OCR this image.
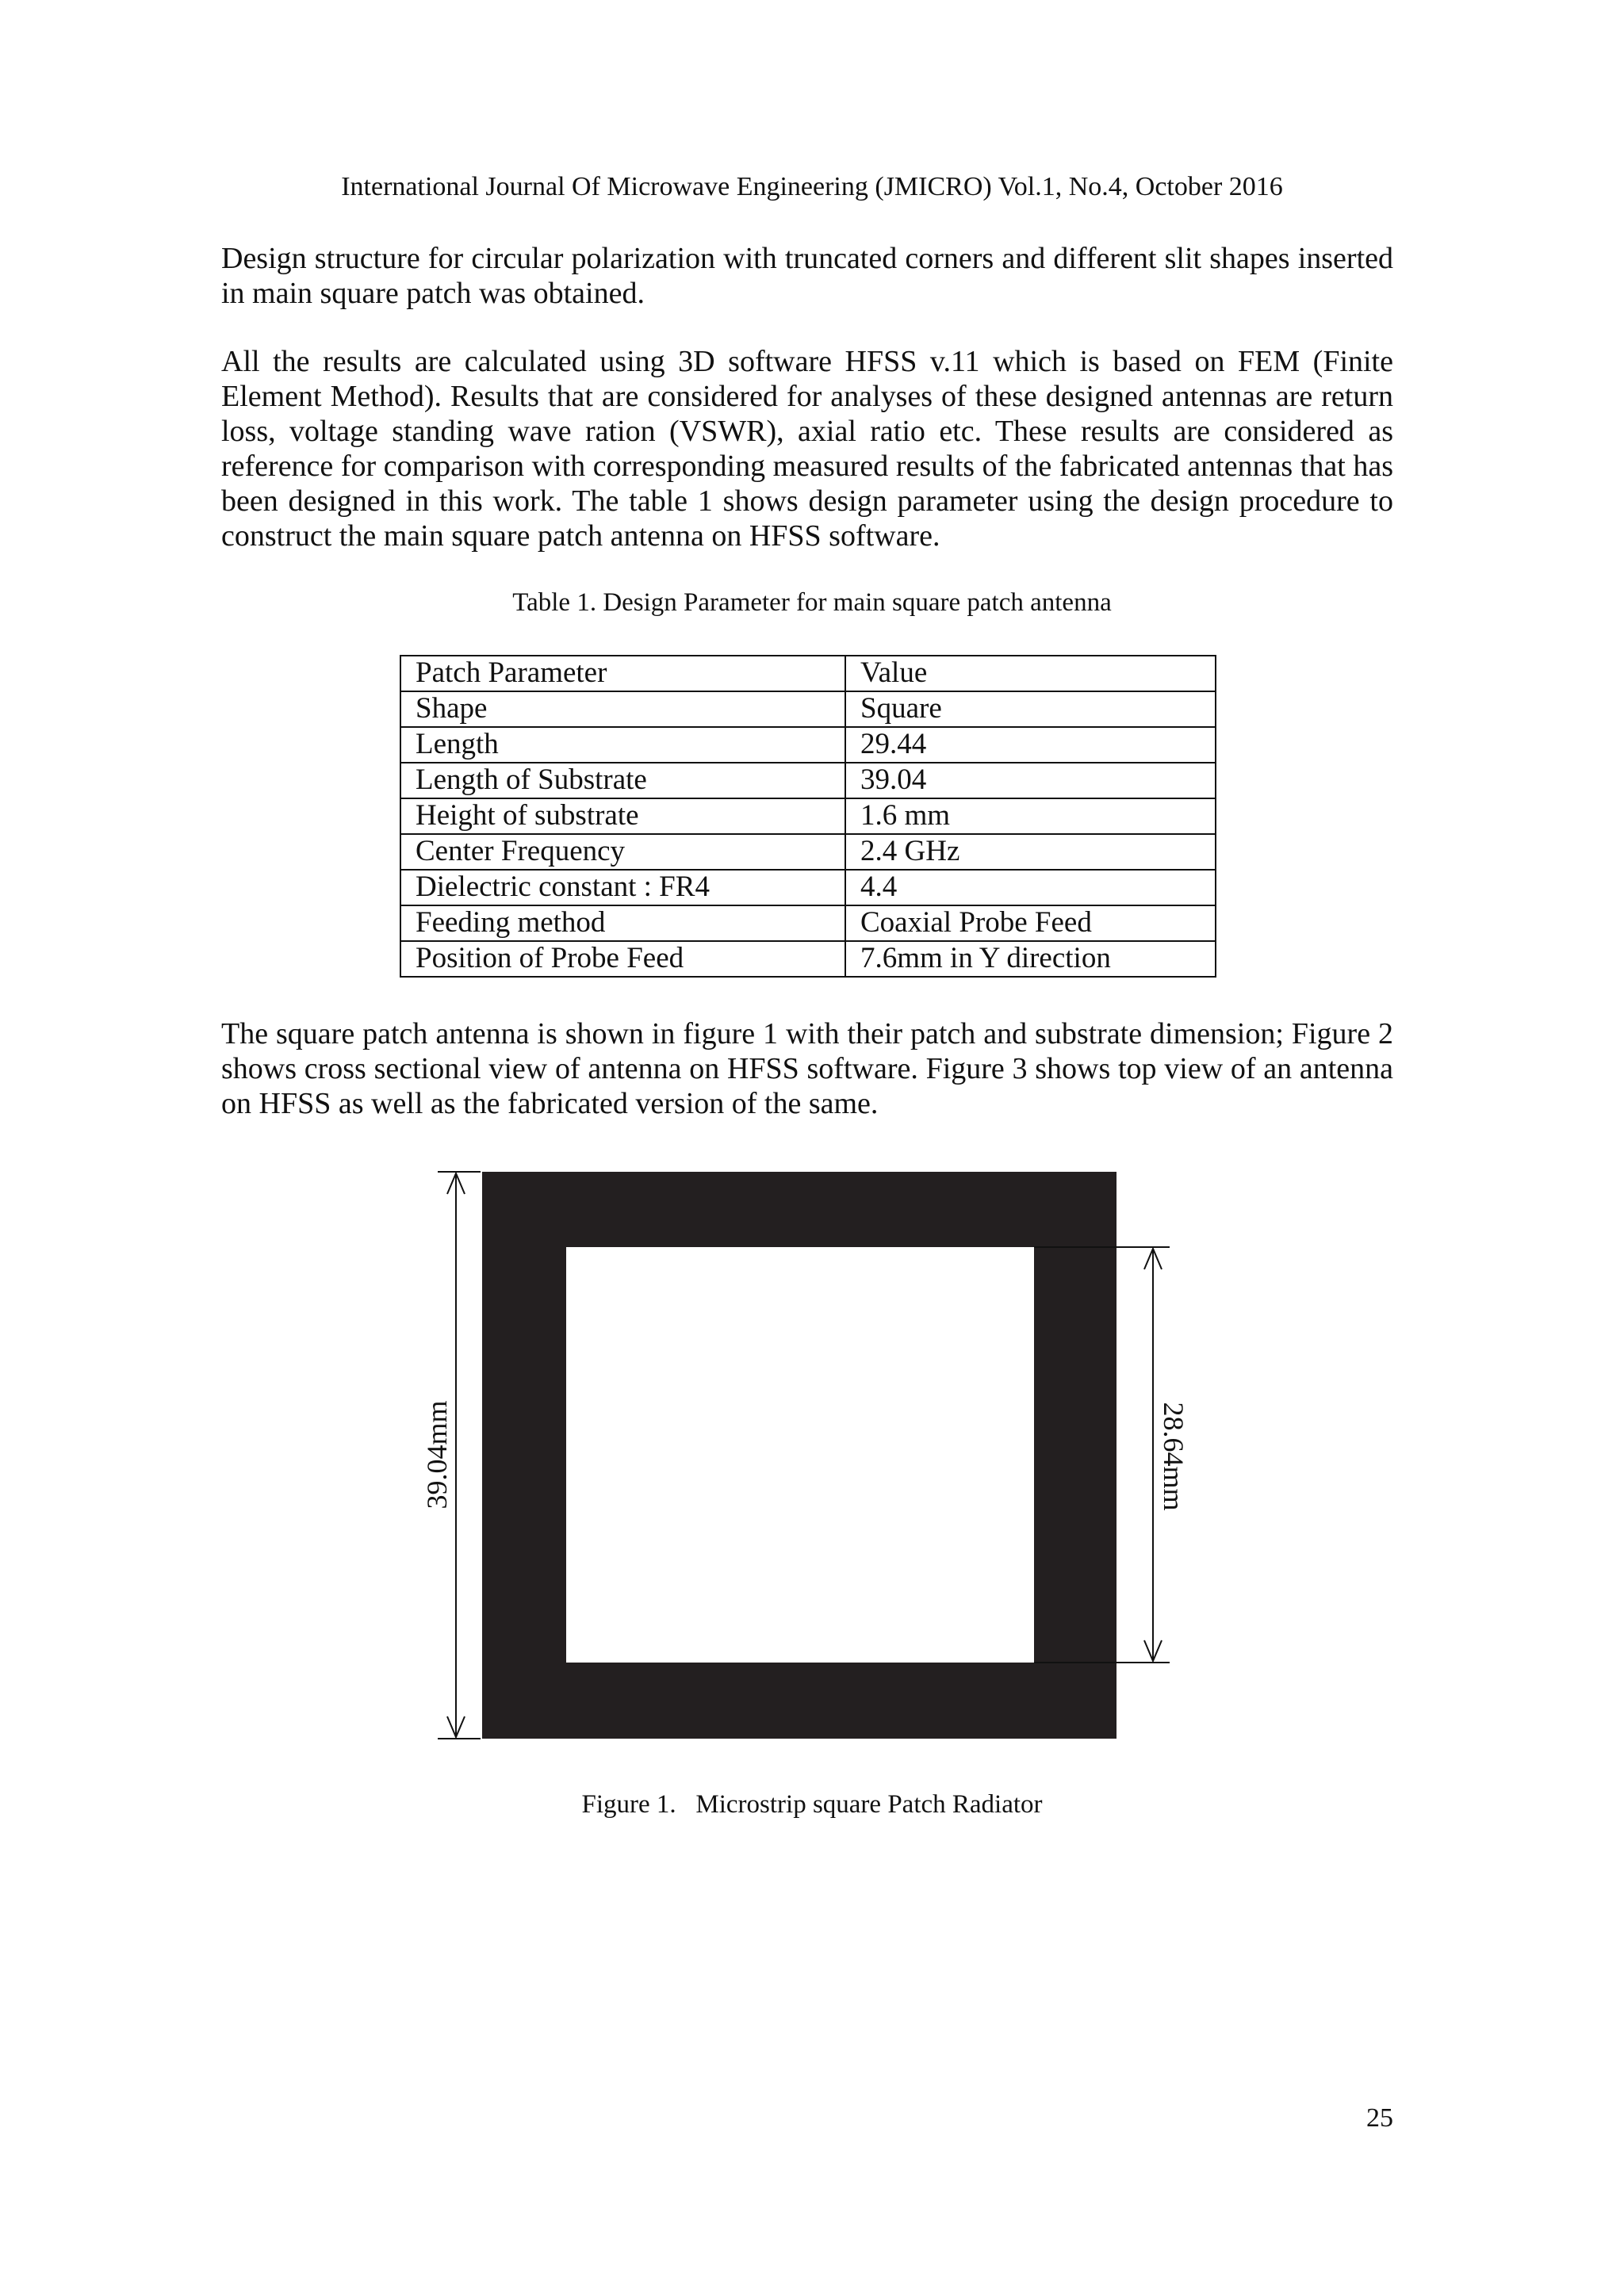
International Journal Of Microwave Engineering (JMICRO) Vol.1, No.4, October 2016

Design structure for circular polarization with truncated corners and different slit shapes inserted in main square patch was obtained.

All the results are calculated using 3D software HFSS v.11 which is based on FEM (Finite Element Method). Results that are considered for analyses of these designed antennas are return loss, voltage standing wave ration (VSWR), axial ratio etc. These results are considered as reference for comparison with corresponding measured results of the fabricated antennas that has been designed in this work. The table 1 shows design parameter using the design procedure to construct the main square patch antenna on HFSS software.

Table 1. Design Parameter for main square patch antenna
Patch Parameter	Value
Shape	Square
Length	29.44
Length of Substrate	39.04
Height of substrate	1.6 mm
Center Frequency	2.4 GHz
Dielectric constant : FR4	4.4
Feeding method	Coaxial Probe Feed
Position of Probe Feed	7.6mm in Y direction

The square patch antenna is shown in figure 1 with their patch and substrate dimension; Figure 2 shows cross sectional view of antenna on HFSS software. Figure 3 shows top view of an antenna on HFSS as well as the fabricated version of the same.

39.04mm	28.64mm
Figure 1.   Microstrip square Patch Radiator
25
